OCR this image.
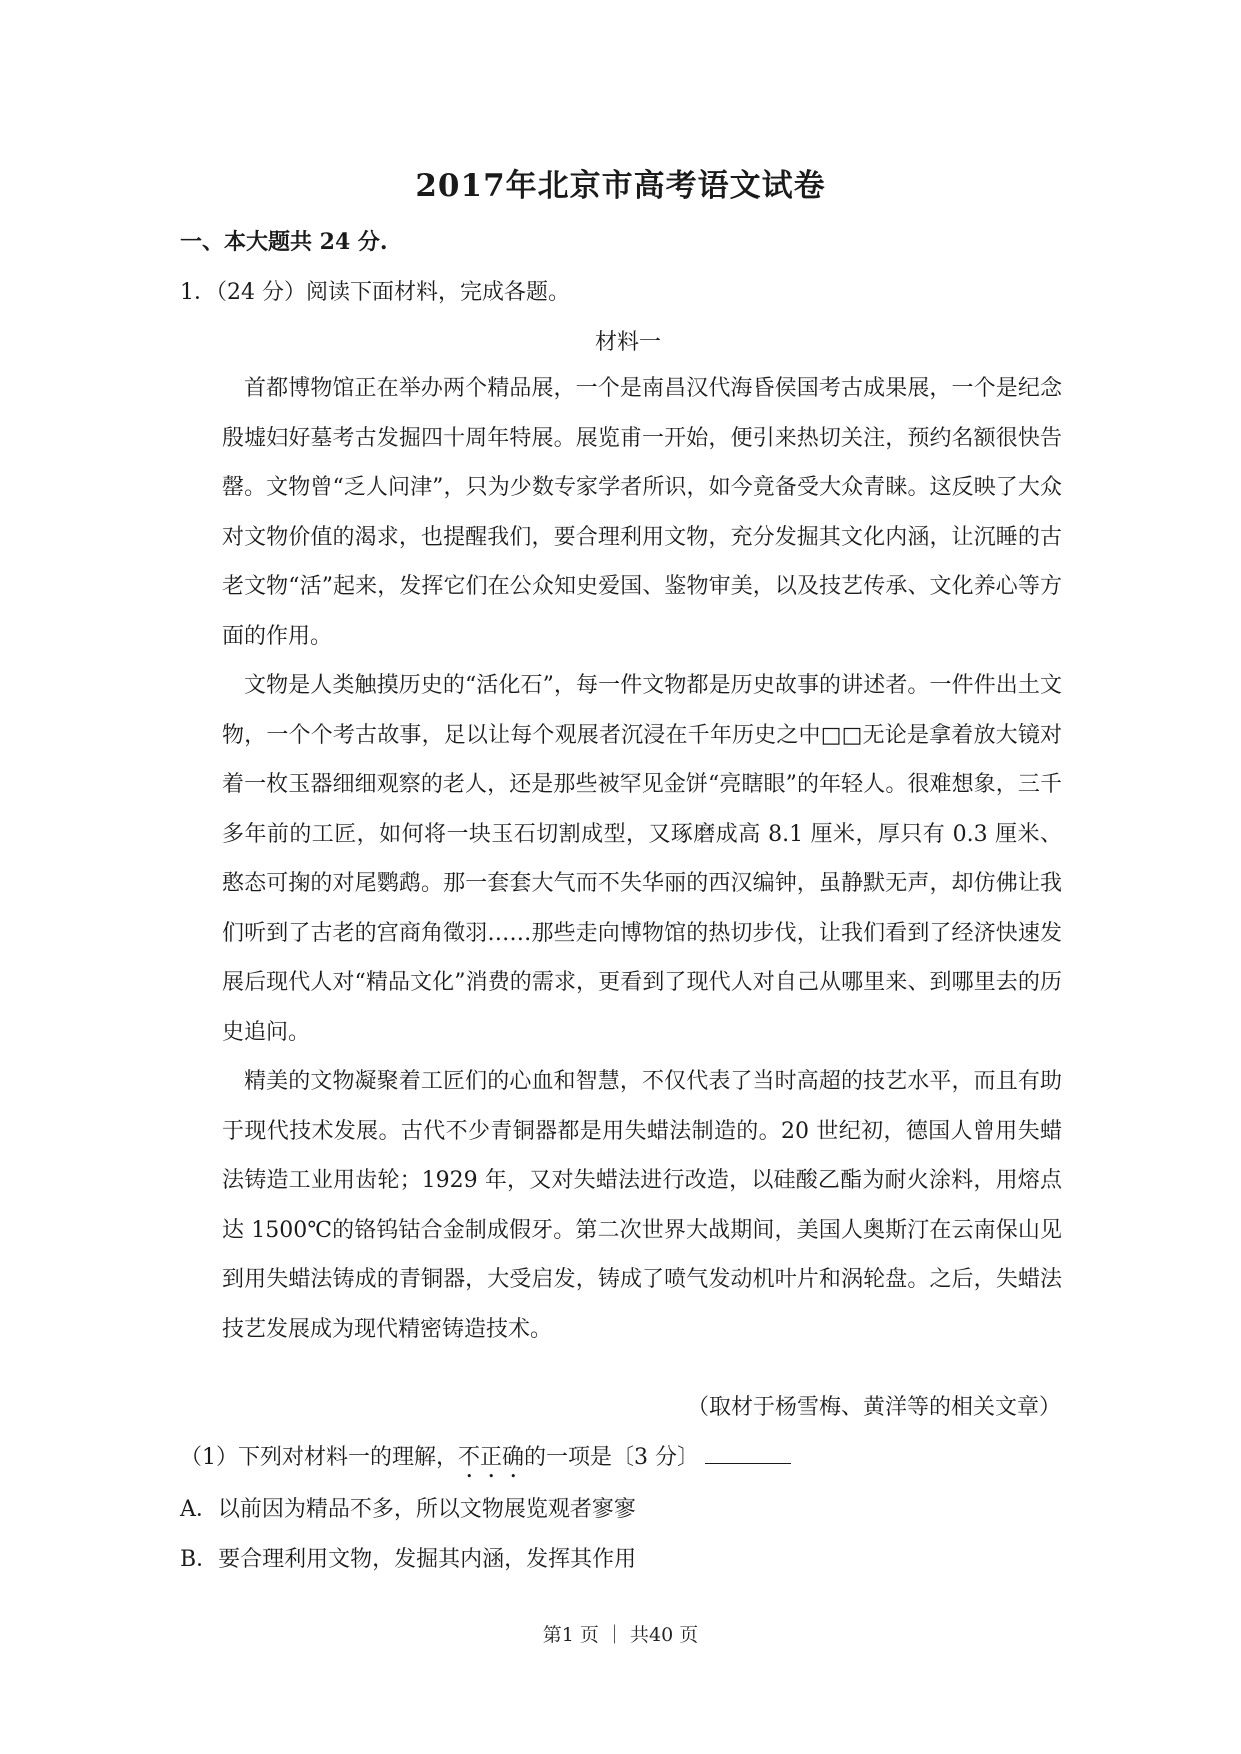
2017年北京市高考语文试卷
一、本大题共 24 分.
1．（24 分）阅读下面材料，完成各题。
材料一

首都博物馆正在举办两个精品展，一个是南昌汉代海昏侯国考古成果展，一个是纪念殷墟妇好墓考古发掘四十周年特展。展览甫一开始，便引来热切关注，预约名额很快告罄。文物曾“乏人问津”，只为少数专家学者所识，如今竟备受大众青睐。这反映了大众对文物价值的渴求，也提醒我们，要合理利用文物，充分发掘其文化内涵，让沉睡的古老文物“活”起来，发挥它们在公众知史爱国、鉴物审美，以及技艺传承、文化养心等方面的作用。

文物是人类触摸历史的“活化石”，每一件文物都是历史故事的讲述者。一件件出土文物，一个个考古故事，足以让每个观展者沉浸在千年历史之中□□无论是拿着放大镜对着一枚玉器细细观察的老人，还是那些被罕见金饼“亮瞎眼”的年轻人。很难想象，三千多年前的工匠，如何将一块玉石切割成型，又琢磨成高 8.1 厘米，厚只有 0.3 厘米、憨态可掬的对尾鹦鹉。那一套套大气而不失华丽的西汉编钟，虽静默无声，却仿佛让我们听到了古老的宫商角徵羽……那些走向博物馆的热切步伐，让我们看到了经济快速发展后现代人对“精品文化”消费的需求，更看到了现代人对自己从哪里来、到哪里去的历史追问。

精美的文物凝聚着工匠们的心血和智慧，不仅代表了当时高超的技艺水平，而且有助于现代技术发展。古代不少青铜器都是用失蜡法制造的。20 世纪初，德国人曾用失蜡法铸造工业用齿轮；1929 年，又对失蜡法进行改造，以硅酸乙酯为耐火涂料，用熔点达 1500℃的铬钨钴合金制成假牙。第二次世界大战期间，美国人奥斯汀在云南保山见到用失蜡法铸成的青铜器，大受启发，铸成了喷气发动机叶片和涡轮盘。之后，失蜡法技艺发展成为现代精密铸造技术。

（取材于杨雪梅、黄洋等的相关文章）
（1）下列对材料一的理解，不正确的一项是〔3 分〕
A．以前因为精品不多，所以文物展览观者寥寥
B．要合理利用文物，发掘其内涵，发挥其作用
第1 页 ｜ 共40 页
